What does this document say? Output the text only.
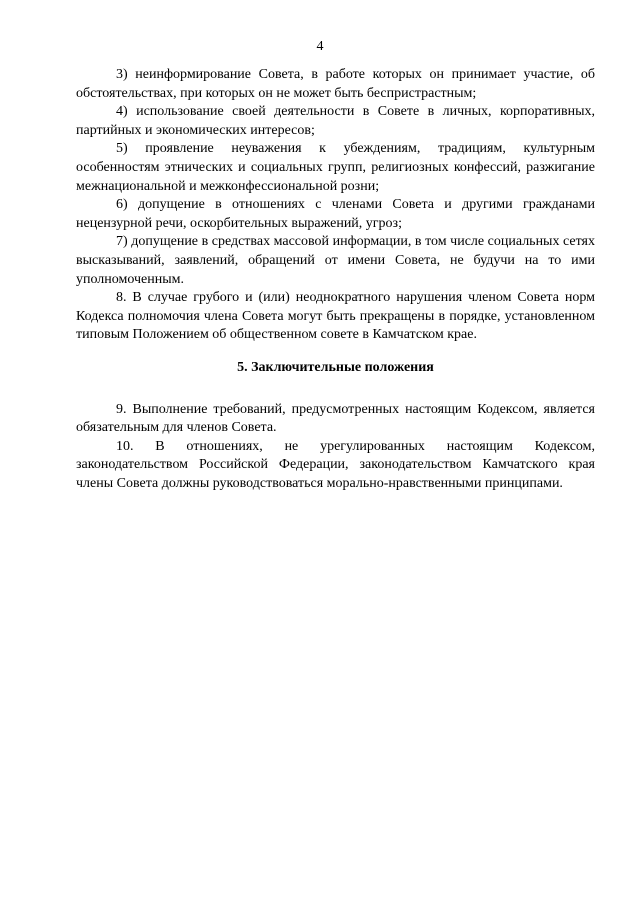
4

3) неинформирование Совета, в работе которых он принимает участие, об обстоятельствах, при которых он не может быть беспристрастным;

4) использование своей деятельности в Совете в личных, корпоративных, партийных и экономических интересов;

5) проявление неуважения к убеждениям, традициям, культурным особенностям этнических и социальных групп, религиозных конфессий, разжигание межнациональной и межконфессиональной розни;

6) допущение в отношениях с членами Совета и другими гражданами нецензурной речи, оскорбительных выражений, угроз;

7) допущение в средствах массовой информации, в том числе социальных сетях высказываний, заявлений, обращений от имени Совета, не будучи на то ими уполномоченным.

8. В случае грубого и (или) неоднократного нарушения членом Совета норм Кодекса полномочия члена Совета могут быть прекращены в порядке, установленном типовым Положением об общественном совете в Камчатском крае.

5. Заключительные положения

9. Выполнение требований, предусмотренных настоящим Кодексом, является обязательным для членов Совета.

10. В отношениях, не урегулированных настоящим Кодексом, законодательством Российской Федерации, законодательством Камчатского края члены Совета должны руководствоваться морально-нравственными принципами.
